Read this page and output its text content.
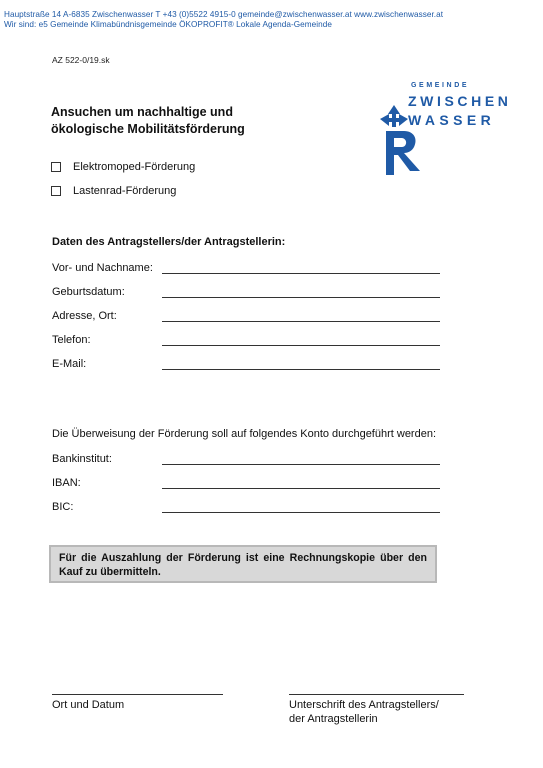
Hauptstraße 14 A-6835 Zwischenwasser T +43 (0)5522 4915-0 gemeinde@zwischenwasser.at www.zwischenwasser.at
Wir sind: e5 Gemeinde Klimabündnisgemeinde ÖKOPROFIT® Lokale Agenda-Gemeinde
AZ 522-0/19.sk
Ansuchen um nachhaltige und
ökologische Mobilitätsförderung
GEMEINDE
ZWISCHEN
WASSER
Elektromoped-Förderung
Lastenrad-Förderung
Daten des Antragstellers/der Antragstellerin:
Vor- und Nachname:
Geburtsdatum:
Adresse, Ort:
Telefon:
E-Mail:
Die Überweisung der Förderung soll auf folgendes Konto durchgeführt werden:
Bankinstitut:
IBAN:
BIC:
Für die Auszahlung der Förderung ist eine Rechnungskopie über den Kauf zu übermitteln.
Ort und Datum	Unterschrift des Antragstellers/
der Antragstellerin
